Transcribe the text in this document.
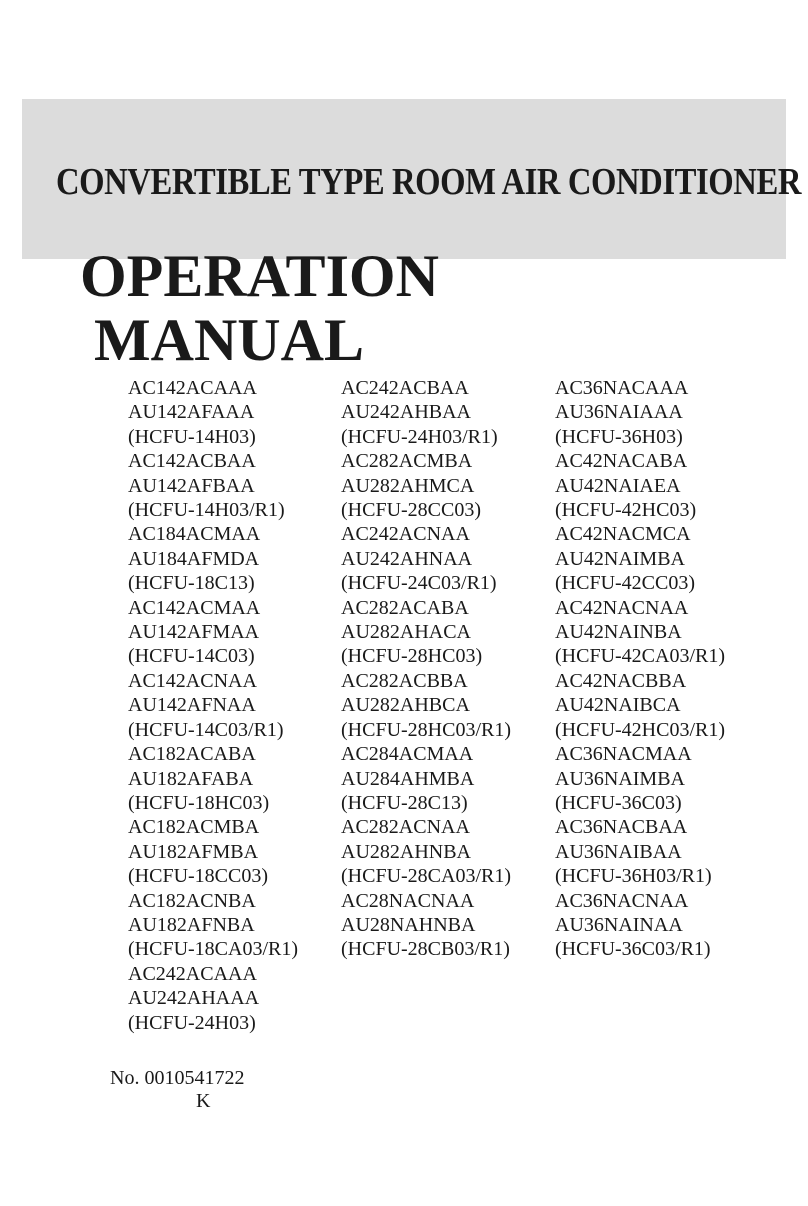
CONVERTIBLE TYPE ROOM AIR CONDITIONER
OPERATION
MANUAL
AC142ACAAA
AU142AFAAA
(HCFU-14H03)
AC142ACBAA
AU142AFBAA
(HCFU-14H03/R1)
AC184ACMAA
AU184AFMDA
(HCFU-18C13)
AC142ACMAA
AU142AFMAA
(HCFU-14C03)
AC142ACNAA
AU142AFNAA
(HCFU-14C03/R1)
AC182ACABA
AU182AFABA
(HCFU-18HC03)
AC182ACMBA
AU182AFMBA
(HCFU-18CC03)
AC182ACNBA
AU182AFNBA
(HCFU-18CA03/R1)
AC242ACAAA
AU242AHAAA
(HCFU-24H03)
AC242ACBAA
AU242AHBAA
(HCFU-24H03/R1)
AC282ACMBA
AU282AHMCA
(HCFU-28CC03)
AC242ACNAA
AU242AHNAA
(HCFU-24C03/R1)
AC282ACABA
AU282AHACA
(HCFU-28HC03)
AC282ACBBA
AU282AHBCA
(HCFU-28HC03/R1)
AC284ACMAA
AU284AHMBA
(HCFU-28C13)
AC282ACNAA
AU282AHNBA
(HCFU-28CA03/R1)
AC28NACNAA
AU28NAHNBA
(HCFU-28CB03/R1)
AC36NACAAA
AU36NAIAAA
(HCFU-36H03)
AC42NACABA
AU42NAIAEA
(HCFU-42HC03)
AC42NACMCA
AU42NAIMBA
(HCFU-42CC03)
AC42NACNAA
AU42NAINBA
(HCFU-42CA03/R1)
AC42NACBBA
AU42NAIBCA
(HCFU-42HC03/R1)
AC36NACMAA
AU36NAIMBA
(HCFU-36C03)
AC36NACBAA
AU36NAIBAA
(HCFU-36H03/R1)
AC36NACNAA
AU36NAINAA
(HCFU-36C03/R1)
No. 0010541722
K
